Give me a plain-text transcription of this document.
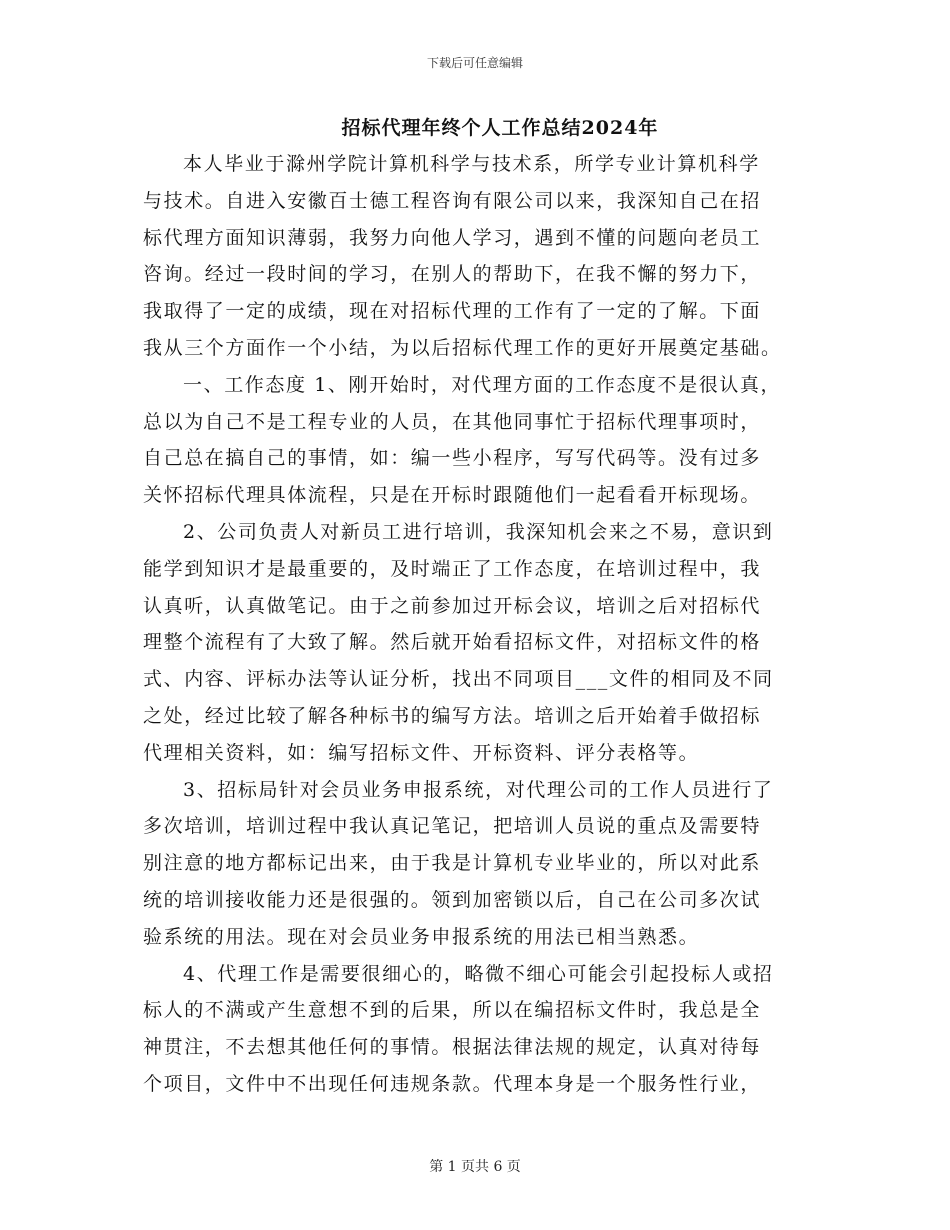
下载后可任意编辑
招标代理年终个人工作总结2024年
本人毕业于滁州学院计算机科学与技术系，所学专业计算机科学
与技术。自进入安徽百士德工程咨询有限公司以来，我深知自己在招
标代理方面知识薄弱，我努力向他人学习，遇到不懂的问题向老员工
咨询。经过一段时间的学习，在别人的帮助下，在我不懈的努力下，
我取得了一定的成绩，现在对招标代理的工作有了一定的了解。下面
我从三个方面作一个小结，为以后招标代理工作的更好开展奠定基础。
一、工作态度 1、刚开始时，对代理方面的工作态度不是很认真，
总以为自己不是工程专业的人员，在其他同事忙于招标代理事项时，
自己总在搞自己的事情，如：编一些小程序，写写代码等。没有过多
关怀招标代理具体流程，只是在开标时跟随他们一起看看开标现场。
2、公司负责人对新员工进行培训，我深知机会来之不易，意识到
能学到知识才是最重要的，及时端正了工作态度，在培训过程中，我
认真听，认真做笔记。由于之前参加过开标会议，培训之后对招标代
理整个流程有了大致了解。然后就开始看招标文件，对招标文件的格
式、内容、评标办法等认证分析，找出不同项目___文件的相同及不同
之处，经过比较了解各种标书的编写方法。培训之后开始着手做招标
代理相关资料，如：编写招标文件、开标资料、评分表格等。
3、招标局针对会员业务申报系统，对代理公司的工作人员进行了
多次培训，培训过程中我认真记笔记，把培训人员说的重点及需要特
别注意的地方都标记出来，由于我是计算机专业毕业的，所以对此系
统的培训接收能力还是很强的。领到加密锁以后，自己在公司多次试
验系统的用法。现在对会员业务申报系统的用法已相当熟悉。
4、代理工作是需要很细心的，略微不细心可能会引起投标人或招
标人的不满或产生意想不到的后果，所以在编招标文件时，我总是全
神贯注，不去想其他任何的事情。根据法律法规的规定，认真对待每
个项目，文件中不出现任何违规条款。代理本身是一个服务性行业，
第 1 页共 6 页
